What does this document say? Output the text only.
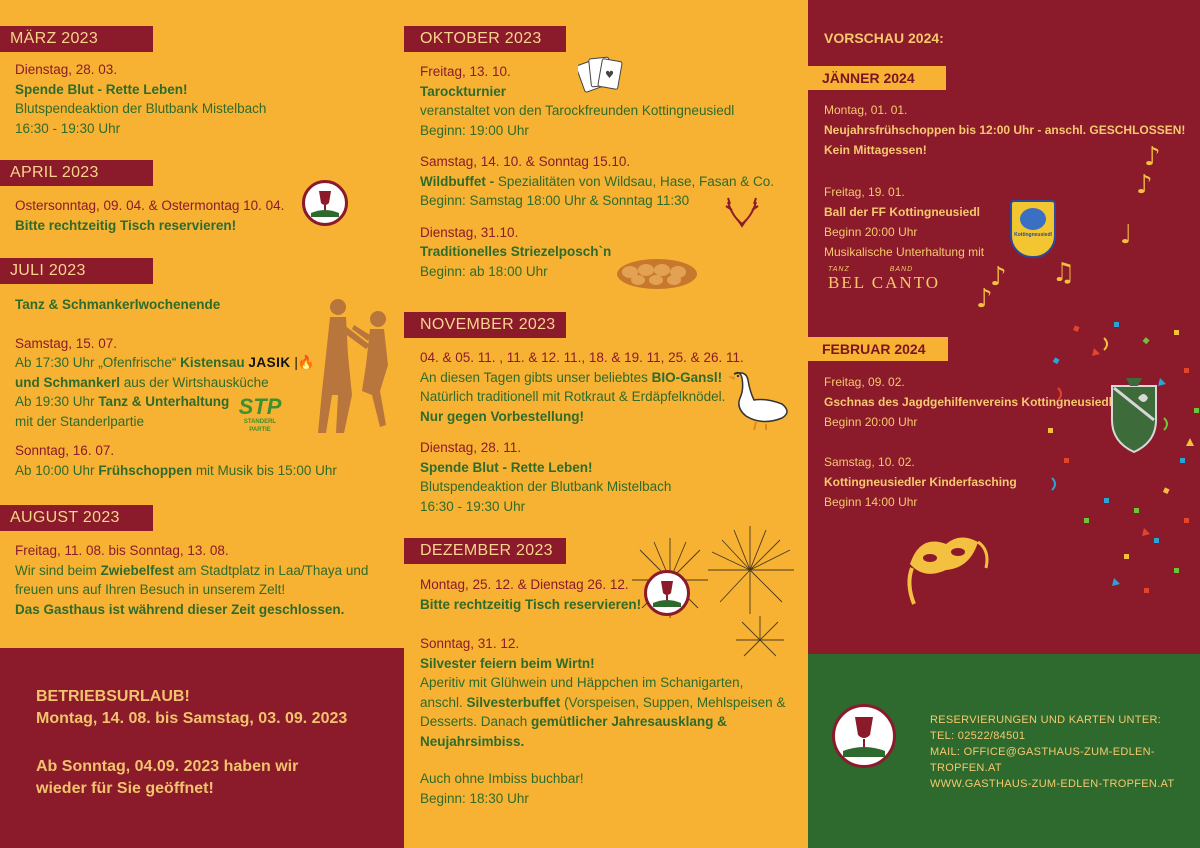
MÄRZ 2023
Dienstag, 28. 03.
Spende Blut - Rette Leben!
Blutspendeaktion der Blutbank Mistelbach
16:30 - 19:30 Uhr
APRIL 2023
Ostersonntag, 09. 04. & Ostermontag 10. 04.
Bitte rechtzeitig Tisch reservieren!
JULI 2023
Tanz & Schmankerlwochenende
Samstag, 15. 07.
Ab 17:30 Uhr „Ofenfrische“ Kistensau JASIK |🔥
und Schmankerl aus der Wirtshausküche
Ab 19:30 Uhr Tanz & Unterhaltung
mit der Standerlpartie
Sonntag, 16. 07.
Ab 10:00 Uhr Frühschoppen mit Musik bis 15:00 Uhr
STP
STANDERL PARTIE
AUGUST 2023
Freitag, 11. 08. bis Sonntag, 13. 08.
Wir sind beim Zwiebelfest am Stadtplatz in Laa/Thaya und
freuen uns auf Ihren Besuch in unserem Zelt!
Das Gasthaus ist während dieser Zeit geschlossen.
BETRIEBSURLAUB!
Montag, 14. 08. bis Samstag, 03. 09. 2023
Ab Sonntag, 04.09. 2023 haben wir
wieder für Sie geöffnet!
OKTOBER 2023
♥
Freitag, 13. 10.
Tarockturnier
veranstaltet von den Tarockfreunden Kottingneusiedl
Beginn: 19:00 Uhr
Samstag, 14. 10. & Sonntag 15.10.
Wildbuffet - Spezialitäten von Wildsau, Hase, Fasan & Co.
Beginn: Samstag 18:00 Uhr & Sonntag 11:30
Dienstag, 31.10.
Traditionelles Striezelposch`n
Beginn: ab 18:00 Uhr
NOVEMBER 2023
04. & 05. 11. , 11. & 12. 11., 18. & 19. 11, 25. & 26. 11.
An diesen Tagen gibts unser beliebtes BIO-Gansl!
Natürlich traditionell mit Rotkraut & Erdäpfelknödel.
Nur gegen Vorbestellung!
Dienstag, 28. 11.
Spende Blut - Rette Leben!
Blutspendeaktion der Blutbank Mistelbach
16:30 - 19:30 Uhr
DEZEMBER 2023
Montag, 25. 12. & Dienstag 26. 12.
Bitte rechtzeitig Tisch reservieren!
Sonntag, 31. 12.
Silvester feiern beim Wirtn!
Aperitiv mit Glühwein und Häppchen im Schanigarten,
anschl. Silvesterbuffet (Vorspeisen, Suppen, Mehlspeisen &
Desserts. Danach gemütlicher Jahresausklang &
Neujahrsimbiss.
Auch ohne Imbiss buchbar!
Beginn: 18:30 Uhr
VORSCHAU 2024:
JÄNNER 2024
Montag, 01. 01.
Neujahrsfrühschoppen bis 12:00 Uhr - anschl. GESCHLOSSEN!
Kein Mittagessen!
Freitag, 19. 01.
Ball der FF Kottingneusiedl
Beginn 20:00 Uhr
Musikalische Unterhaltung mit
Kottingneusiedl
TANZ	BAND
BEL CANTO
♪
♪
♩
♪
♪
♫
FEBRUAR 2024
Freitag, 09. 02.
Gschnas des Jagdgehilfenvereins Kottingneusiedl
Beginn 20:00 Uhr
Samstag, 10. 02.
Kottingneusiedler Kinderfasching
Beginn 14:00 Uhr
RESERVIERUNGEN UND KARTEN UNTER:
TEL: 02522/84501
MAIL: OFFICE@GASTHAUS-ZUM-EDLEN-TROPFEN.AT
WWW.GASTHAUS-ZUM-EDLEN-TROPFEN.AT
